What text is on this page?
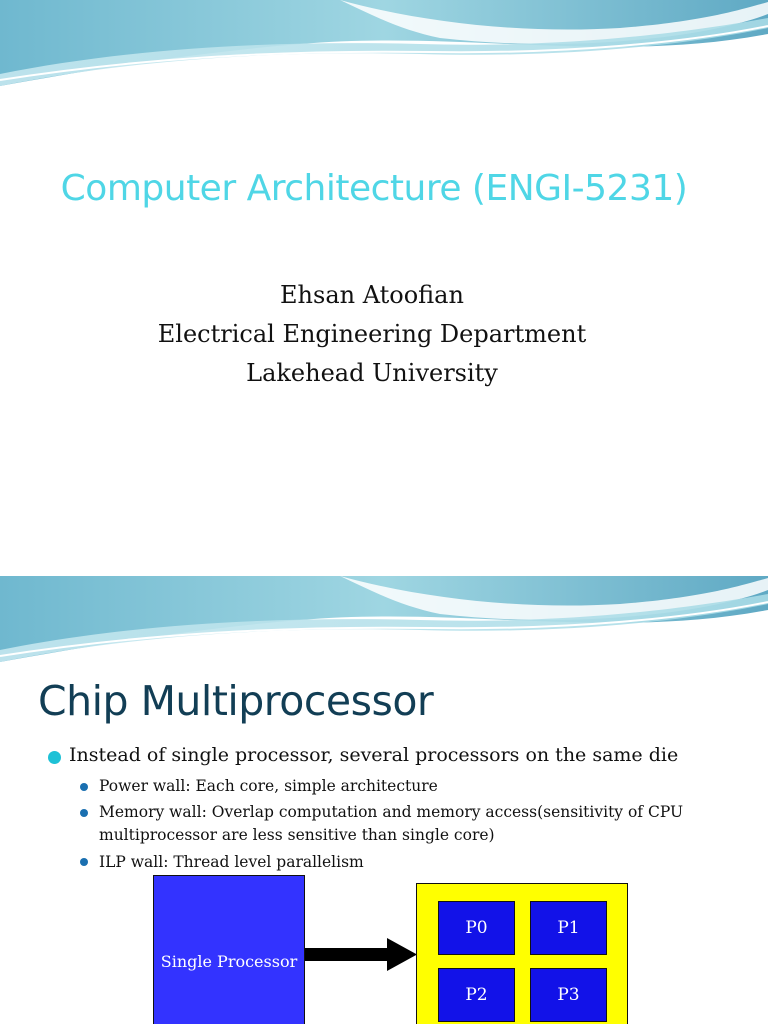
Computer Architecture (ENGI-5231)
Ehsan Atoofian
Electrical Engineering Department
Lakehead University
Chip Multiprocessor
Instead of single processor, several processors on the same die
Power wall: Each core, simple architecture
Memory wall: Overlap computation and memory access(sensitivity of CPU multiprocessor are less sensitive than single core)
ILP wall: Thread level parallelism
Single Processor
P0	P1
P2	P3
